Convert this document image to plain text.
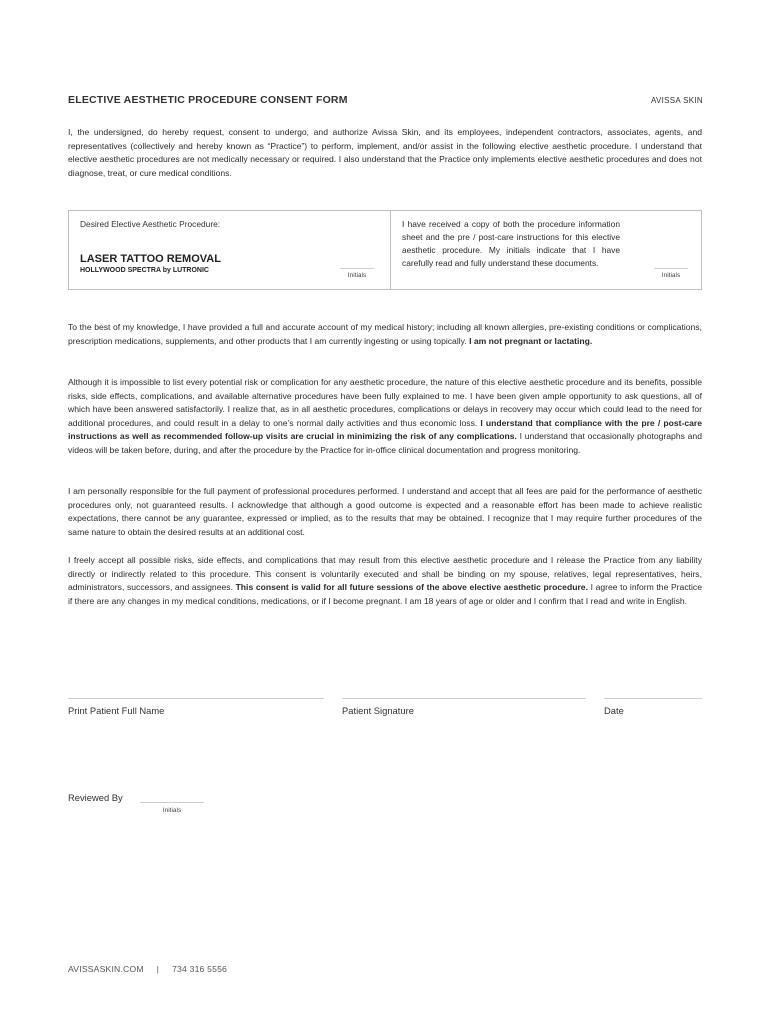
ELECTIVE AESTHETIC PROCEDURE CONSENT FORM	AVISSA SKIN

I, the undersigned, do hereby request, consent to undergo, and authorize Avissa Skin, and its employees, independent contractors, associates, agents, and representatives (collectively and hereby known as “Practice”) to perform, implement, and/or assist in the following elective aesthetic procedure. I understand that elective aesthetic procedures are not medically necessary or required. I also understand that the Practice only implements elective aesthetic procedures and does not diagnose, treat, or cure medical conditions.

Desired Elective Aesthetic Procedure:
LASER TATTOO REMOVAL
HOLLYWOOD SPECTRA by LUTRONIC
Initials

I have received a copy of both the procedure information sheet and the pre / post-care instructions for this elective aesthetic procedure. My initials indicate that I have carefully read and fully understand these documents.

Initials

To the best of my knowledge, I have provided a full and accurate account of my medical history; including all known allergies, pre-existing conditions or complications, prescription medications, supplements, and other products that I am currently ingesting or using topically. I am not pregnant or lactating.

Although it is impossible to list every potential risk or complication for any aesthetic procedure, the nature of this elective aesthetic procedure and its benefits, possible risks, side effects, complications, and available alternative procedures have been fully explained to me. I have been given ample opportunity to ask questions, all of which have been answered satisfactorily. I realize that, as in all aesthetic procedures, complications or delays in recovery may occur which could lead to the need for additional procedures, and could result in a delay to one’s normal daily activities and thus economic loss. I understand that compliance with the pre / post-care instructions as well as recommended follow-up visits are crucial in minimizing the risk of any complications. I understand that occasionally photographs and videos will be taken before, during, and after the procedure by the Practice for in-office clinical documentation and progress monitoring.

I am personally responsible for the full payment of professional procedures performed. I understand and accept that all fees are paid for the performance of aesthetic procedures only, not guaranteed results. I acknowledge that although a good outcome is expected and a reasonable effort has been made to achieve realistic expectations, there cannot be any guarantee, expressed or implied, as to the results that may be obtained. I recognize that I may require further procedures of the same nature to obtain the desired results at an additional cost.

I freely accept all possible risks, side effects, and complications that may result from this elective aesthetic procedure and I release the Practice from any liability directly or indirectly related to this procedure. This consent is voluntarily executed and shall be binding on my spouse, relatives, legal representatives, heirs, administrators, successors, and assignees. This consent is valid for all future sessions of the above elective aesthetic procedure. I agree to inform the Practice if there are any changes in my medical conditions, medications, or if I become pregnant. I am 18 years of age or older and I confirm that I read and write in English.

Print Patient Full Name	Patient Signature	Date
Reviewed By
Initials
AVISSASKIN.COM | 734 316 5556
